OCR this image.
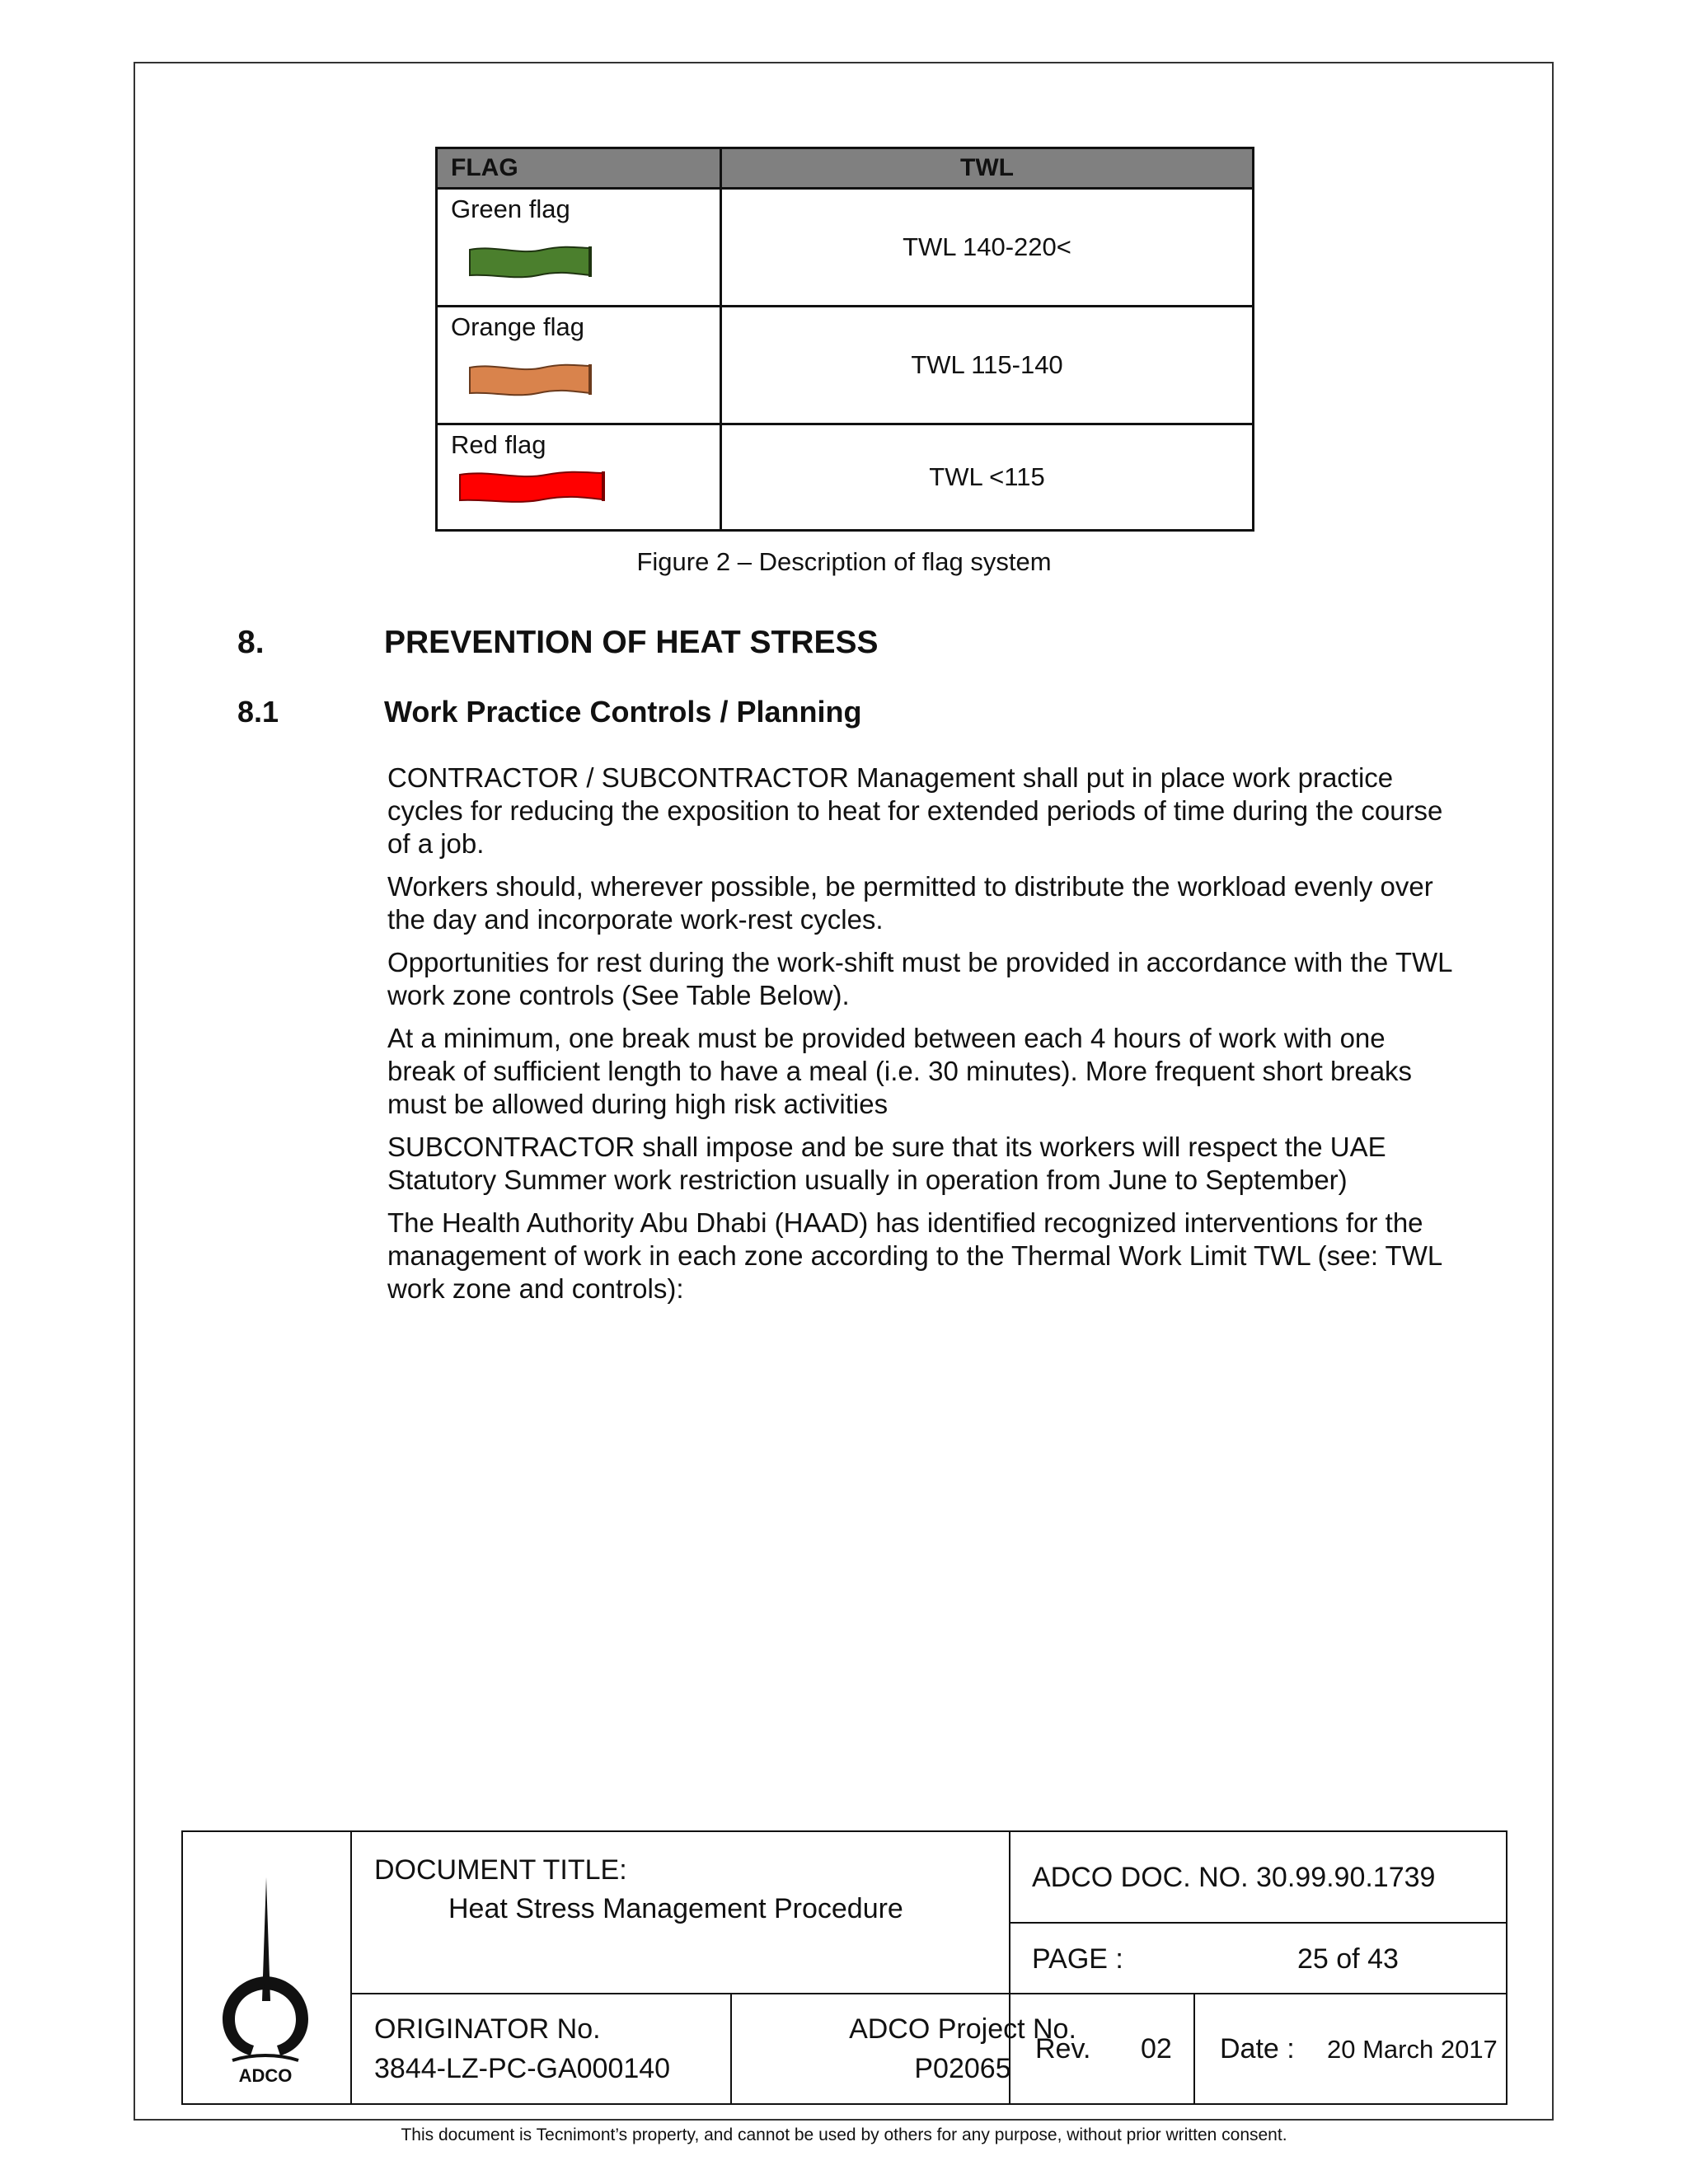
FLAG	TWL

Green flag	TWL 140-220<

Orange flag	TWL 115-140

Red flag	TWL <115
Figure 2 – Description of flag system
8.	PREVENTION OF HEAT STRESS
8.1	Work Practice Controls / Planning

CONTRACTOR / SUBCONTRACTOR Management shall put in place work practice cycles for reducing the exposition to heat for extended periods of time during the course of a job.

Workers should, wherever possible, be permitted to distribute the workload evenly over the day and incorporate work-rest cycles.

Opportunities for rest during the work-shift must be provided in accordance with the TWL work zone controls (See Table Below).

At a minimum, one break must be provided between each 4 hours of work with one break of sufficient length to have a meal (i.e. 30 minutes). More frequent short breaks must be allowed during high risk activities

SUBCONTRACTOR shall impose and be sure that its workers will respect the UAE Statutory Summer work restriction usually in operation from June to September)

The Health Authority Abu Dhabi (HAAD) has identified recognized interventions for the management of work in each zone according to the Thermal Work Limit TWL (see: TWL work zone and controls):

ADCO
DOCUMENT TITLE:
Heat Stress Management Procedure
ADCO DOC. NO. 30.99.90.1739
PAGE :	25 of 43
ORIGINATOR No.
3844-LZ-PC-GA000140
ADCO Project No.
P02065
Rev. 02 Date : 20 March 2017
This document is Tecnimont’s property, and cannot be used by others for any purpose, without prior written consent.
